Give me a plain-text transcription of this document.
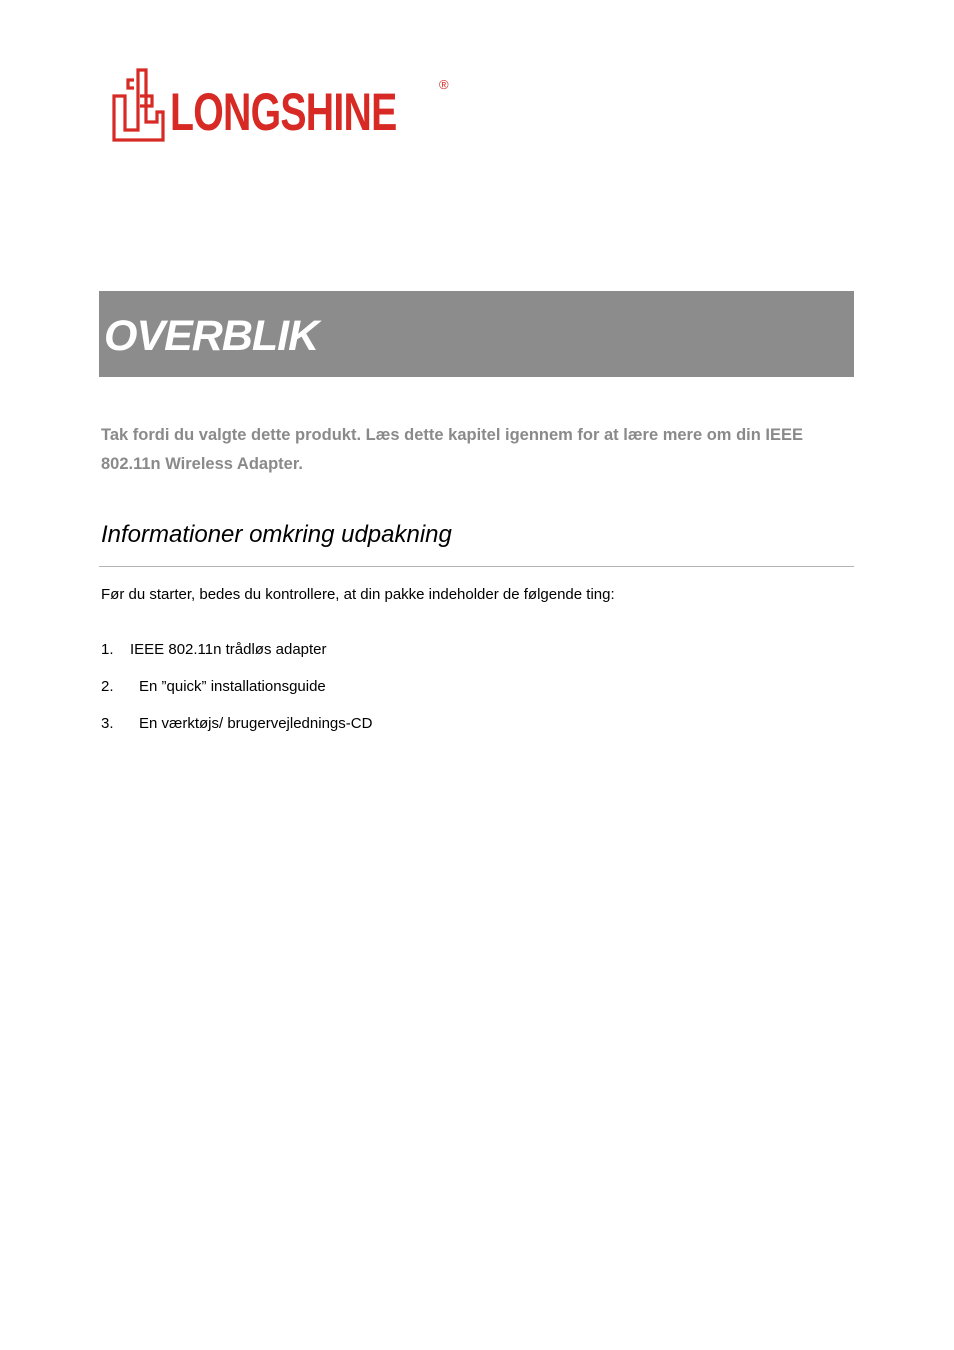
LONGSHINE	®
OVERBLIK

Tak fordi du valgte dette produkt. Læs dette kapitel igennem for at lære mere om din IEEE 802.11n Wireless Adapter.

Informationer omkring udpakning

Før du starter, bedes du kontrollere, at din pakke indeholder de følgende ting:

1. IEEE 802.11n trådløs adapter
2. En ”quick” installationsguide
3. En værktøjs/ brugervejlednings-CD
